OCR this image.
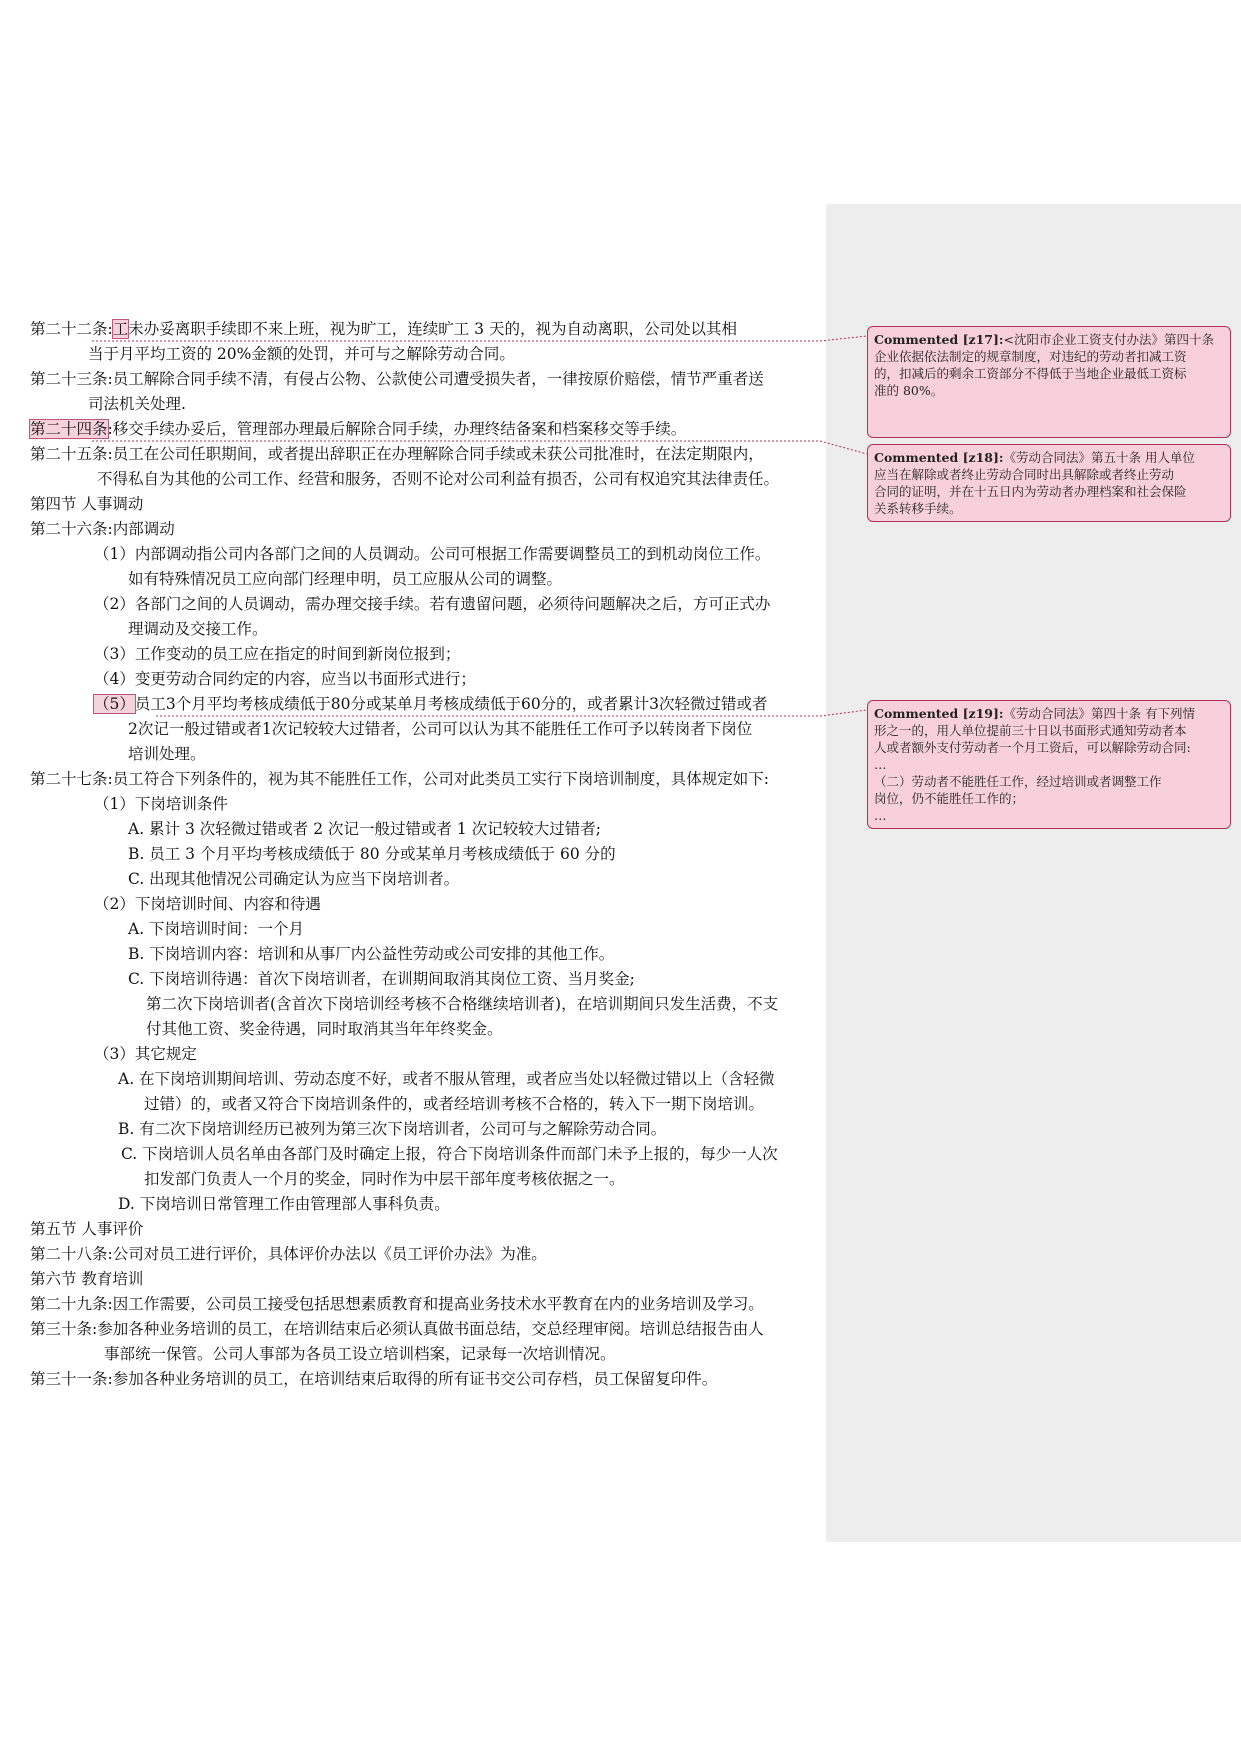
第二十二条:工未办妥离职手续即不来上班，视为旷工，连续旷工 3 天的，视为自动离职，公司处以其相
当于月平均工资的 20%金额的处罚，并可与之解除劳动合同。
第二十三条:员工解除合同手续不清，有侵占公物、公款使公司遭受损失者，一律按原价赔偿，情节严重者送
司法机关处理.
第二十四条:移交手续办妥后，管理部办理最后解除合同手续，办理终结备案和档案移交等手续。
第二十五条:员工在公司任职期间，或者提出辞职正在办理解除合同手续或未获公司批准时，在法定期限内，
不得私自为其他的公司工作、经营和服务，否则不论对公司利益有损否，公司有权追究其法律责任。
第四节 人事调动
第二十六条:内部调动
（1）内部调动指公司内各部门之间的人员调动。公司可根据工作需要调整员工的到机动岗位工作。
如有特殊情况员工应向部门经理申明，员工应服从公司的调整。
（2）各部门之间的人员调动，需办理交接手续。若有遗留问题，必须待问题解决之后，方可正式办
理调动及交接工作。
（3）工作变动的员工应在指定的时间到新岗位报到；
（4）变更劳动合同约定的内容，应当以书面形式进行；
（5）员工3个月平均考核成绩低于80分或某单月考核成绩低于60分的，或者累计3次轻微过错或者
2次记一般过错或者1次记较较大过错者，公司可以认为其不能胜任工作可予以转岗者下岗位
培训处理。
第二十七条:员工符合下列条件的，视为其不能胜任工作，公司对此类员工实行下岗培训制度，具体规定如下:
（1）下岗培训条件
A. 累计 3 次轻微过错或者 2 次记一般过错或者 1 次记较较大过错者;
B. 员工 3 个月平均考核成绩低于 80 分或某单月考核成绩低于 60 分的
C. 出现其他情况公司确定认为应当下岗培训者。
（2）下岗培训时间、内容和待遇
A. 下岗培训时间：一个月
B. 下岗培训内容：培训和从事厂内公益性劳动或公司安排的其他工作。
C. 下岗培训待遇：首次下岗培训者，在训期间取消其岗位工资、当月奖金;
第二次下岗培训者(含首次下岗培训经考核不合格继续培训者)，在培训期间只发生活费，不支
付其他工资、奖金待遇，同时取消其当年年终奖金。
（3）其它规定
A. 在下岗培训期间培训、劳动态度不好，或者不服从管理，或者应当处以轻微过错以上（含轻微
过错）的，或者又符合下岗培训条件的，或者经培训考核不合格的，转入下一期下岗培训。
B. 有二次下岗培训经历已被列为第三次下岗培训者，公司可与之解除劳动合同。
C. 下岗培训人员名单由各部门及时确定上报，符合下岗培训条件而部门未予上报的，每少一人次
扣发部门负责人一个月的奖金，同时作为中层干部年度考核依据之一。
D. 下岗培训日常管理工作由管理部人事科负责。
第五节 人事评价
第二十八条:公司对员工进行评价，具体评价办法以《员工评价办法》为准。
第六节 教育培训
第二十九条:因工作需要，公司员工接受包括思想素质教育和提高业务技术水平教育在内的业务培训及学习。
第三十条:参加各种业务培训的员工，在培训结束后必须认真做书面总结，交总经理审阅。培训总结报告由人
事部统一保管。公司人事部为各员工设立培训档案，记录每一次培训情况。
第三十一条:参加各种业务培训的员工，在培训结束后取得的所有证书交公司存档，员工保留复印件。
Commented [z17]:<沈阳市企业工资支付办法》第四十条
企业依据依法制定的规章制度，对违纪的劳动者扣减工资
的，扣减后的剩余工资部分不得低于当地企业最低工资标
准的 80%。
Commented [z18]:《劳动合同法》第五十条 用人单位
应当在解除或者终止劳动合同时出具解除或者终止劳动
合同的证明，并在十五日内为劳动者办理档案和社会保险
关系转移手续。
Commented [z19]:《劳动合同法》第四十条 有下列情
形之一的，用人单位提前三十日以书面形式通知劳动者本
人或者额外支付劳动者一个月工资后，可以解除劳动合同:
…
（二）劳动者不能胜任工作，经过培训或者调整工作
岗位，仍不能胜任工作的；
…
